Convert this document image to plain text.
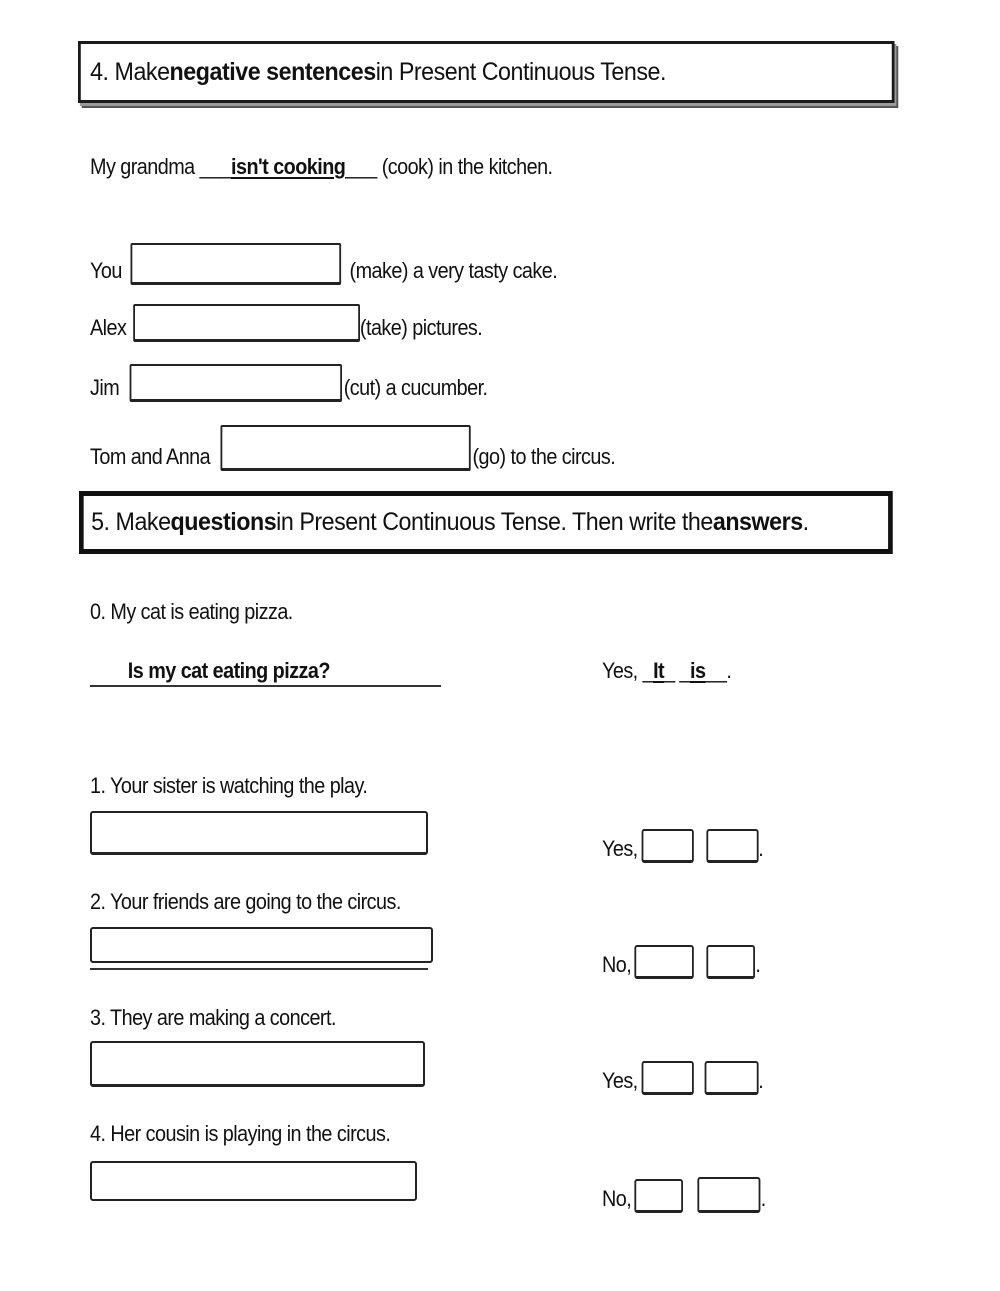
4. Make negative sentences in Present Continuous Tense.
My grandma ___isn't cooking___ (cook) in the kitchen.
You	(make) a very tasty cake.
Alex	(take) pictures.
Jim	(cut) a cucumber.
Tom and Anna	(go) to the circus.
5. Make questions in Present Continuous Tense. Then write the answers .
0. My cat is eating pizza.
Is my cat eating pizza?	Yes, _It_ _is__.
1. Your sister is watching the play.
Yes,	.
2. Your friends are going to the circus.
No,	.
3. They are making a concert.
Yes,	.
4. Her cousin is playing in the circus.
No,	.
